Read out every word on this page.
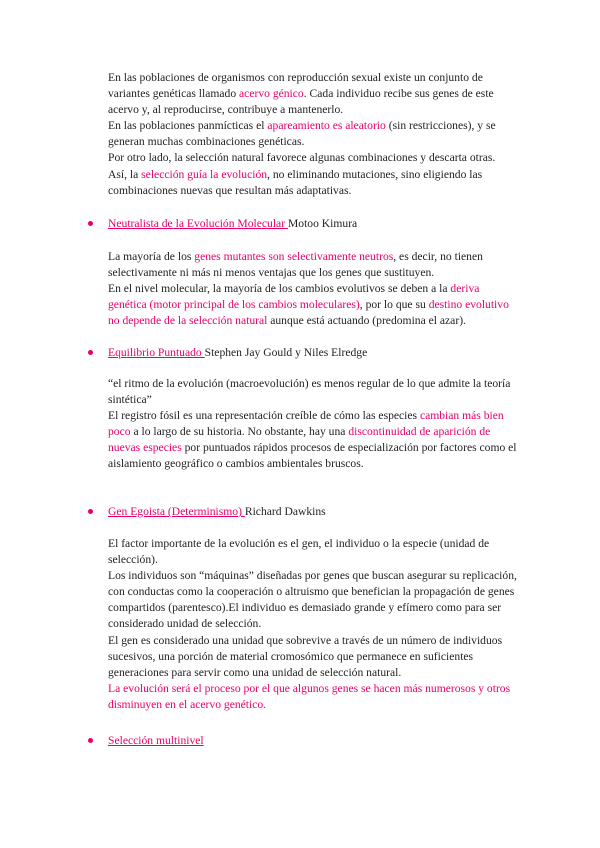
En las poblaciones de organismos con reproducción sexual existe un conjunto de variantes genéticas llamado acervo génico. Cada individuo recibe sus genes de este acervo y, al reproducirse, contribuye a mantenerlo.
En las poblaciones panmícticas el apareamiento es aleatorio (sin restricciones), y se generan muchas combinaciones genéticas.
Por otro lado, la selección natural favorece algunas combinaciones y descarta otras.
Así, la selección guía la evolución, no eliminando mutaciones, sino eligiendo las combinaciones nuevas que resultan más adaptativas.
Neutralista de la Evolución Molecular Motoo Kimura
La mayoría de los genes mutantes son selectivamente neutros, es decir, no tienen selectivamente ni más ni menos ventajas que los genes que sustituyen.
En el nivel molecular, la mayoría de los cambios evolutivos se deben a la deriva genética (motor principal de los cambios moleculares), por lo que su destino evolutivo no depende de la selección natural aunque está actuando (predomina el azar).
Equilibrio Puntuado Stephen Jay Gould y Niles Elredge
“el ritmo de la evolución (macroevolución) es menos regular de lo que admite la teoría sintética”
El registro fósil es una representación creíble de cómo las especies cambian más bien poco a lo largo de su historia. No obstante, hay una discontinuidad de aparición de nuevas especies por puntuados rápidos procesos de especialización por factores como el aislamiento geográfico o cambios ambientales bruscos.
Gen Egoista (Determinismo) Richard Dawkins
El factor importante de la evolución es el gen, el individuo o la especie (unidad de selección).
Los individuos son “máquinas” diseñadas por genes que buscan asegurar su replicación, con conductas como la cooperación o altruismo que benefician la propagación de genes compartidos (parentesco).El individuo es demasiado grande y efímero como para ser considerado unidad de selección.
El gen es considerado una unidad que sobrevive a través de un número de individuos sucesivos, una porción de material cromosómico que permanece en suficientes generaciones para servir como una unidad de selección natural.
La evolución será el proceso por el que algunos genes se hacen más numerosos y otros disminuyen en el acervo genético.
Selección multinivel
